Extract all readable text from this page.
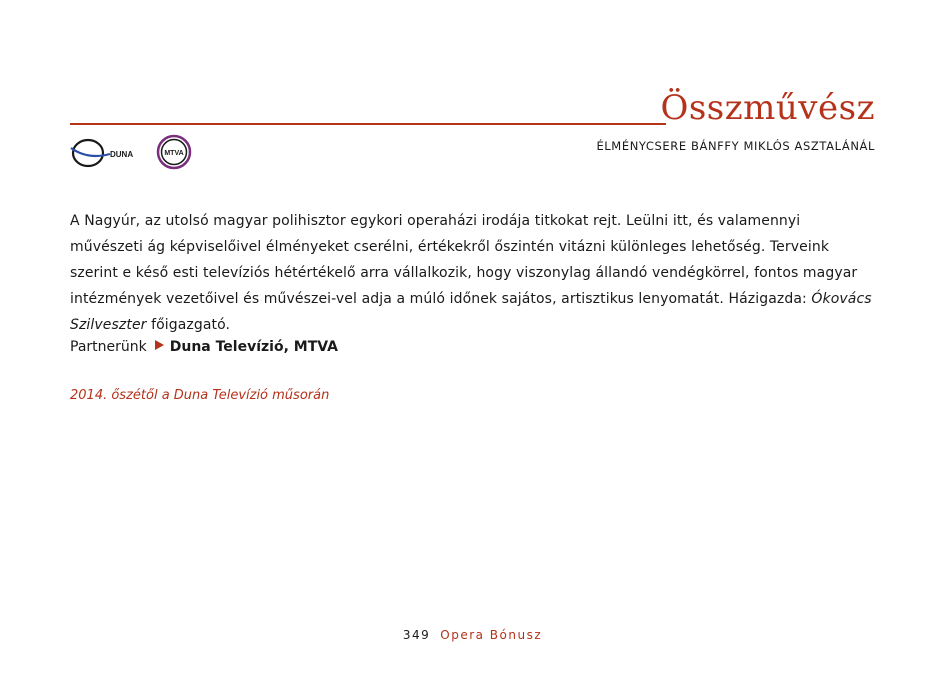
Összművész
ÉLMÉNYCSERE BÁNFFY MIKLÓS ASZTALÁNÁL
DUNA	MTVA

A Nagyúr, az utolsó magyar polihisztor egykori operaházi irodája titkokat rejt. Leülni itt, és valamennyi művészeti ág képviselőivel élményeket cserélni, értékekről őszintén vitázni különleges lehetőség. Terveink szerint e késő esti televíziós hétértékelő arra vállalkozik, hogy viszonylag állandó vendégkörrel, fontos magyar intézmények vezetőivel és művészei-vel adja a múló időnek sajátos, artisztikus lenyomatát. Házigazda: Ókovács Szilveszter főigazgató.

Partnerünk Duna Televízió, MTVA
2014. őszétől a Duna Televízió műsorán
349 Opera Bónusz
